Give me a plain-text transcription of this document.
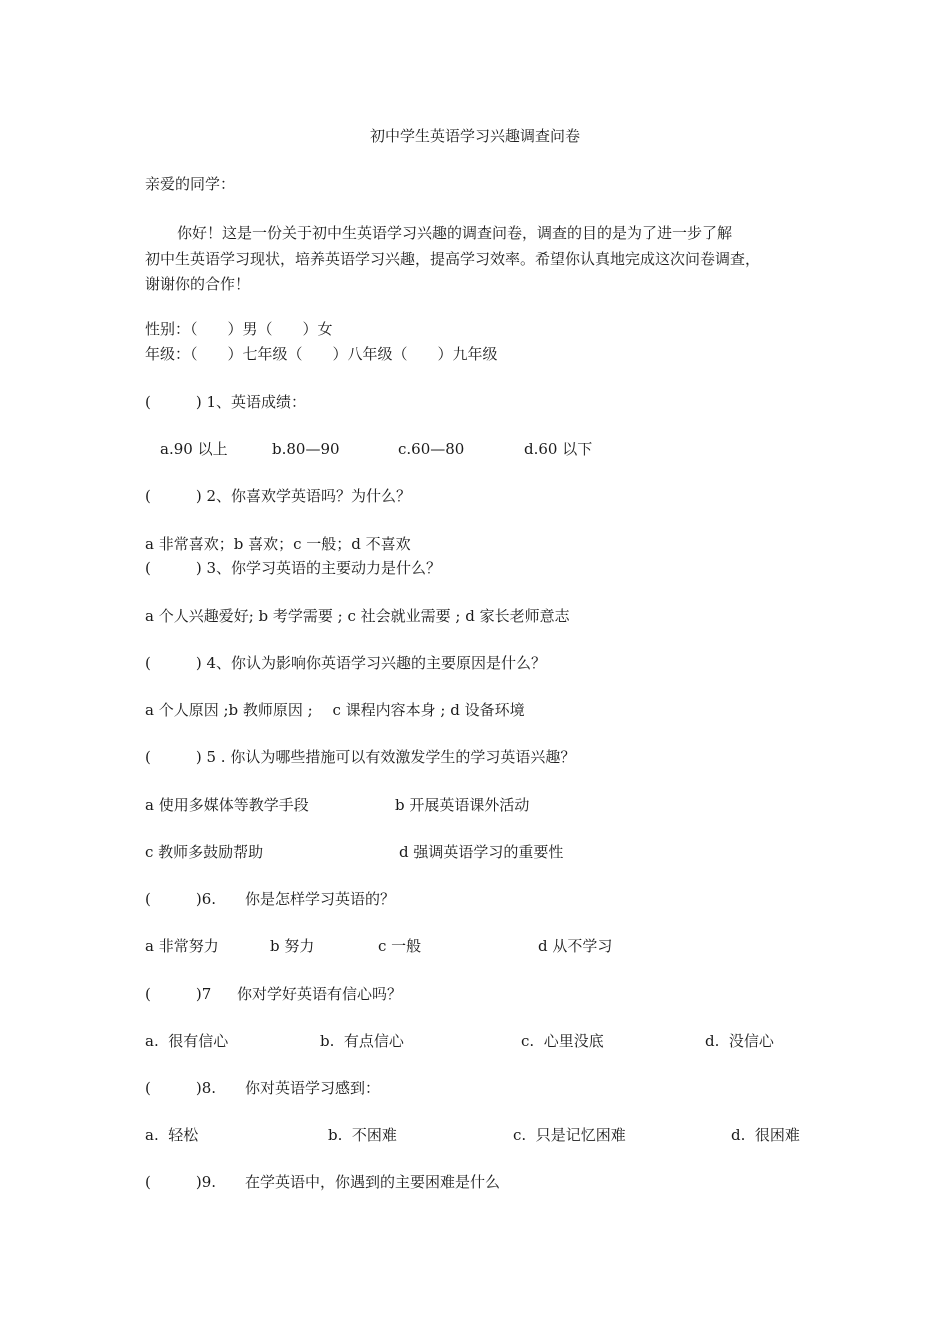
初中学生英语学习兴趣调查问卷
亲爱的同学：
你好！这是一份关于初中生英语学习兴趣的调查问卷，调查的目的是为了进一步了解
初中生英语学习现状，培养英语学习兴趣，提高学习效率。希望你认真地完成这次问卷调查，
谢谢你的合作！
性别：（　　）男（　　）女
年级：（　　）七年级（　　）八年级（　　）九年级
(　　　) 1、英语成绩：
a.90 以上	b.80—90	c.60—80	d.60 以下
(　　　) 2、你喜欢学英语吗？为什么？
a 非常喜欢；b 喜欢；c 一般；d 不喜欢
(　　　) 3、你学习英语的主要动力是什么？
a 个人兴趣爱好; b 考学需要 ; c 社会就业需要 ; d 家长老师意志
(　　　) 4、你认为影响你英语学习兴趣的主要原因是什么？
a 个人原因 ;b 教师原因 ;　 c 课程内容本身 ; d 设备环境
(　　　) 5 . 你认为哪些措施可以有效激发学生的学习英语兴趣？
a 使用多媒体等教学手段	b 开展英语课外活动
c 教师多鼓励帮助	d 强调英语学习的重要性
(　　　)6. 你是怎样学习英语的？
a 非常努力	b 努力	c 一般	d 从不学习
(　　　)7 你对学好英语有信心吗？
a.  很有信心	b.  有点信心	c.  心里没底	d.  没信心
(　　　)8. 你对英语学习感到：
a.  轻松	b.  不困难	c.  只是记忆困难	d.  很困难
(　　　)9. 在学英语中，你遇到的主要困难是什么
